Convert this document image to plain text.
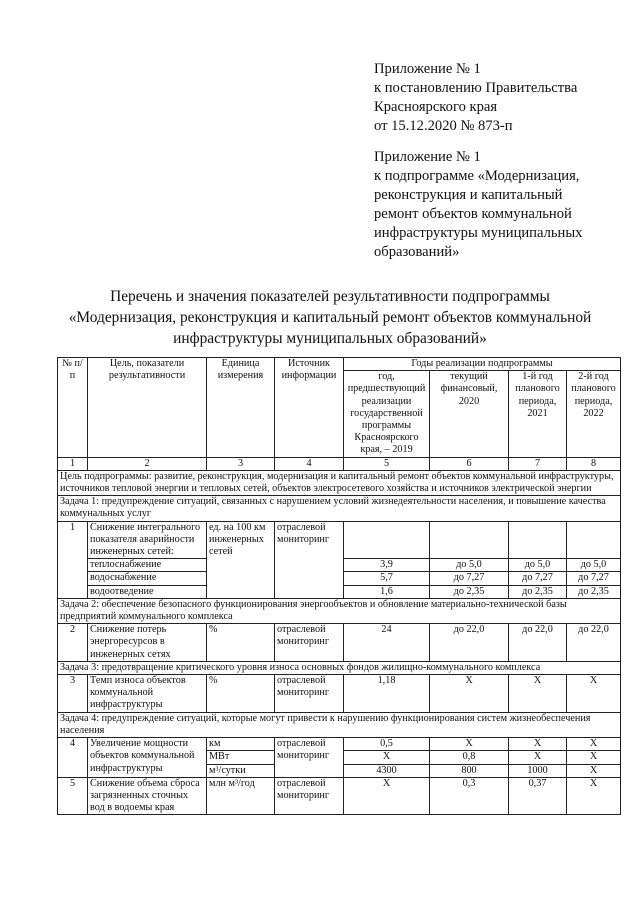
Приложение № 1
к постановлению Правительства
Красноярского края
от 15.12.2020 № 873-п
Приложение № 1
к подпрограмме «Модернизация,
реконструкция и капитальный
ремонт объектов коммунальной
инфраструктуры муниципальных
образований»
Перечень и значения показателей результативности подпрограммы
«Модернизация, реконструкция и капитальный ремонт объектов коммунальной
инфраструктуры муниципальных образований»
№ п/п	Цель, показатели результативности	Единица измерения	Источник информации	Годы реализации подпрограммы			
				год, предшествующий реализации государственной программы Красноярского края, – 2019	текущий финансовый, 2020	1-й год планового периода, 2021	2-й год планового периода, 2022
1	2	3	4	5	6	7	8
Цель подпрограммы: развитие, реконструкция, модернизация и капитальный ремонт объектов коммунальной инфраструктуры, источников тепловой энергии и тепловых сетей, объектов электросетевого хозяйства и источников электрической энергии							
Задача 1: предупреждение ситуаций, связанных с нарушением условий жизнедеятельности населения, и повышение качества коммунальных услуг							
1	Снижение интегрального показателя аварийности инженерных сетей:	ед. на 100 км инженерных сетей	отраслевой мониторинг				
	теплоснабжение			3,9	до 5,0	до 5,0	до 5,0
	водоснабжение			5,7	до 7,27	до 7,27	до 7,27
	водоотведение			1,6	до 2,35	до 2,35	до 2,35
Задача 2: обеспечение безопасного функционирования энергообъектов и обновление материально-технической базы предприятий коммунального комплекса							
2	Снижение потерь энергоресурсов в инженерных сетях	%	отраслевой мониторинг	24	до 22,0	до 22,0	до 22,0
Задача 3: предотвращение критического уровня износа основных фондов жилищно-коммунального комплекса							
3	Темп износа объектов коммунальной инфраструктуры	%	отраслевой мониторинг	1,18	Х	Х	Х
Задача 4: предупреждение ситуаций, которые могут привести к нарушению функционирования систем жизнеобеспечения населения							
4	Увеличение мощности объектов коммунальной инфраструктуры	км	отраслевой мониторинг	0,5	Х	Х	Х
		МВт		Х	0,8	Х	Х
		м³/сутки		4300	800	1000	Х
5	Снижение объема сброса загрязненных сточных вод в водоемы края	млн м³/год	отраслевой мониторинг	Х	0,3	0,37	Х
